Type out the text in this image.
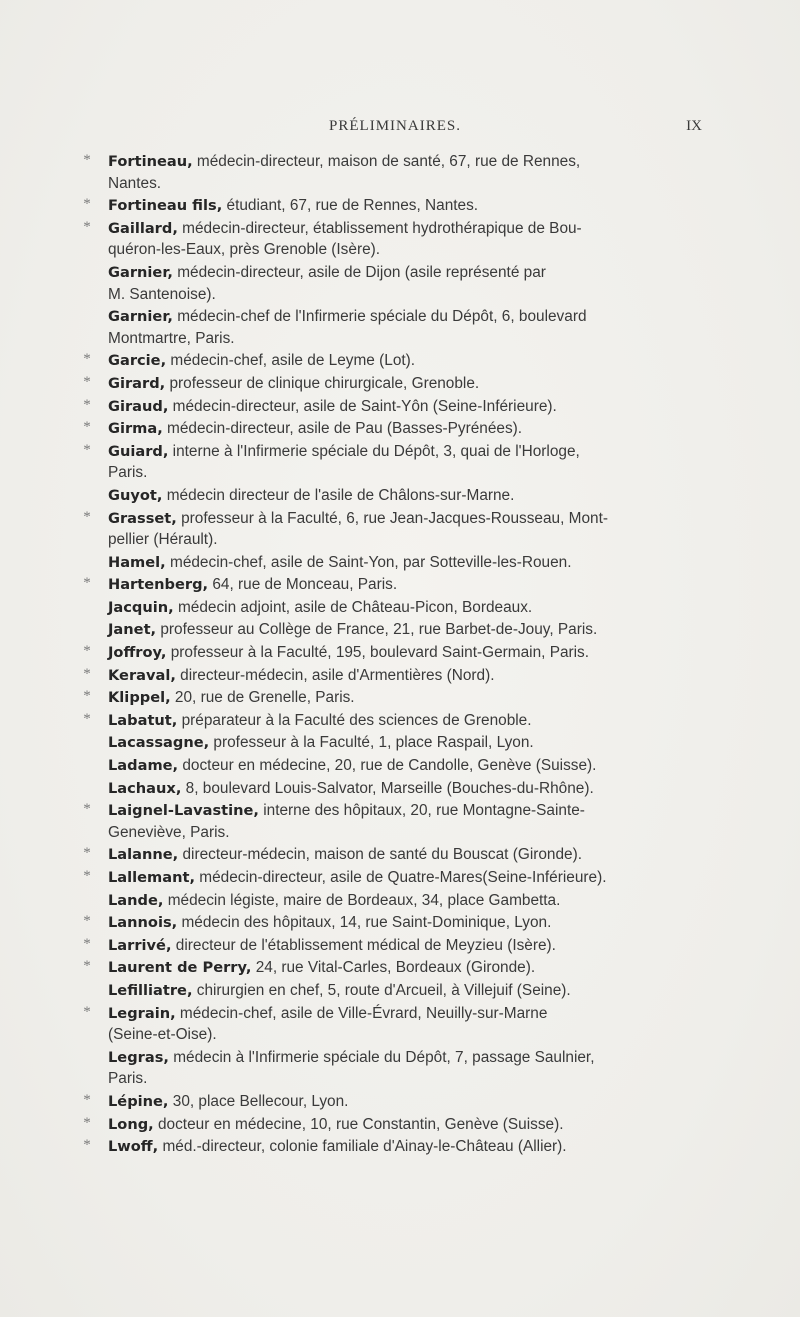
PRÉLIMINAIRES.	IX
* Fortineau, médecin-directeur, maison de santé, 67, rue de Rennes,
Nantes.
* Fortineau fils, étudiant, 67, rue de Rennes, Nantes.
* Gaillard, médecin-directeur, établissement hydrothérapique de Bou-
quéron-les-Eaux, près Grenoble (Isère).
Garnier, médecin-directeur, asile de Dijon (asile représenté par
M. Santenoise).
Garnier, médecin-chef de l'Infirmerie spéciale du Dépôt, 6, boulevard
Montmartre, Paris.
* Garcie, médecin-chef, asile de Leyme (Lot).
* Girard, professeur de clinique chirurgicale, Grenoble.
* Giraud, médecin-directeur, asile de Saint-Yôn (Seine-Inférieure).
* Girma, médecin-directeur, asile de Pau (Basses-Pyrénées).
* Guiard, interne à l'Infirmerie spéciale du Dépôt, 3, quai de l'Horloge,
Paris.
Guyot, médecin directeur de l'asile de Châlons-sur-Marne.
* Grasset, professeur à la Faculté, 6, rue Jean-Jacques-Rousseau, Mont-
pellier (Hérault).
Hamel, médecin-chef, asile de Saint-Yon, par Sotteville-les-Rouen.
* Hartenberg, 64, rue de Monceau, Paris.
Jacquin, médecin adjoint, asile de Château-Picon, Bordeaux.
Janet, professeur au Collège de France, 21, rue Barbet-de-Jouy, Paris.
* Joffroy, professeur à la Faculté, 195, boulevard Saint-Germain, Paris.
* Keraval, directeur-médecin, asile d'Armentières (Nord).
* Klippel, 20, rue de Grenelle, Paris.
* Labatut, préparateur à la Faculté des sciences de Grenoble.
Lacassagne, professeur à la Faculté, 1, place Raspail, Lyon.
Ladame, docteur en médecine, 20, rue de Candolle, Genève (Suisse).
Lachaux, 8, boulevard Louis-Salvator, Marseille (Bouches-du-Rhône).
* Laignel-Lavastine, interne des hôpitaux, 20, rue Montagne-Sainte-
Geneviève, Paris.
* Lalanne, directeur-médecin, maison de santé du Bouscat (Gironde).
* Lallemant, médecin-directeur, asile de Quatre-Mares(Seine-Inférieure).
Lande, médecin légiste, maire de Bordeaux, 34, place Gambetta.
* Lannois, médecin des hôpitaux, 14, rue Saint-Dominique, Lyon.
* Larrivé, directeur de l'établissement médical de Meyzieu (Isère).
* Laurent de Perry, 24, rue Vital-Carles, Bordeaux (Gironde).
Lefilliatre, chirurgien en chef, 5, route d'Arcueil, à Villejuif (Seine).
* Legrain, médecin-chef, asile de Ville-Évrard, Neuilly-sur-Marne
(Seine-et-Oise).
Legras, médecin à l'Infirmerie spéciale du Dépôt, 7, passage Saulnier,
Paris.
* Lépine, 30, place Bellecour, Lyon.
* Long, docteur en médecine, 10, rue Constantin, Genève (Suisse).
* Lwoff, méd.-directeur, colonie familiale d'Ainay-le-Château (Allier).
